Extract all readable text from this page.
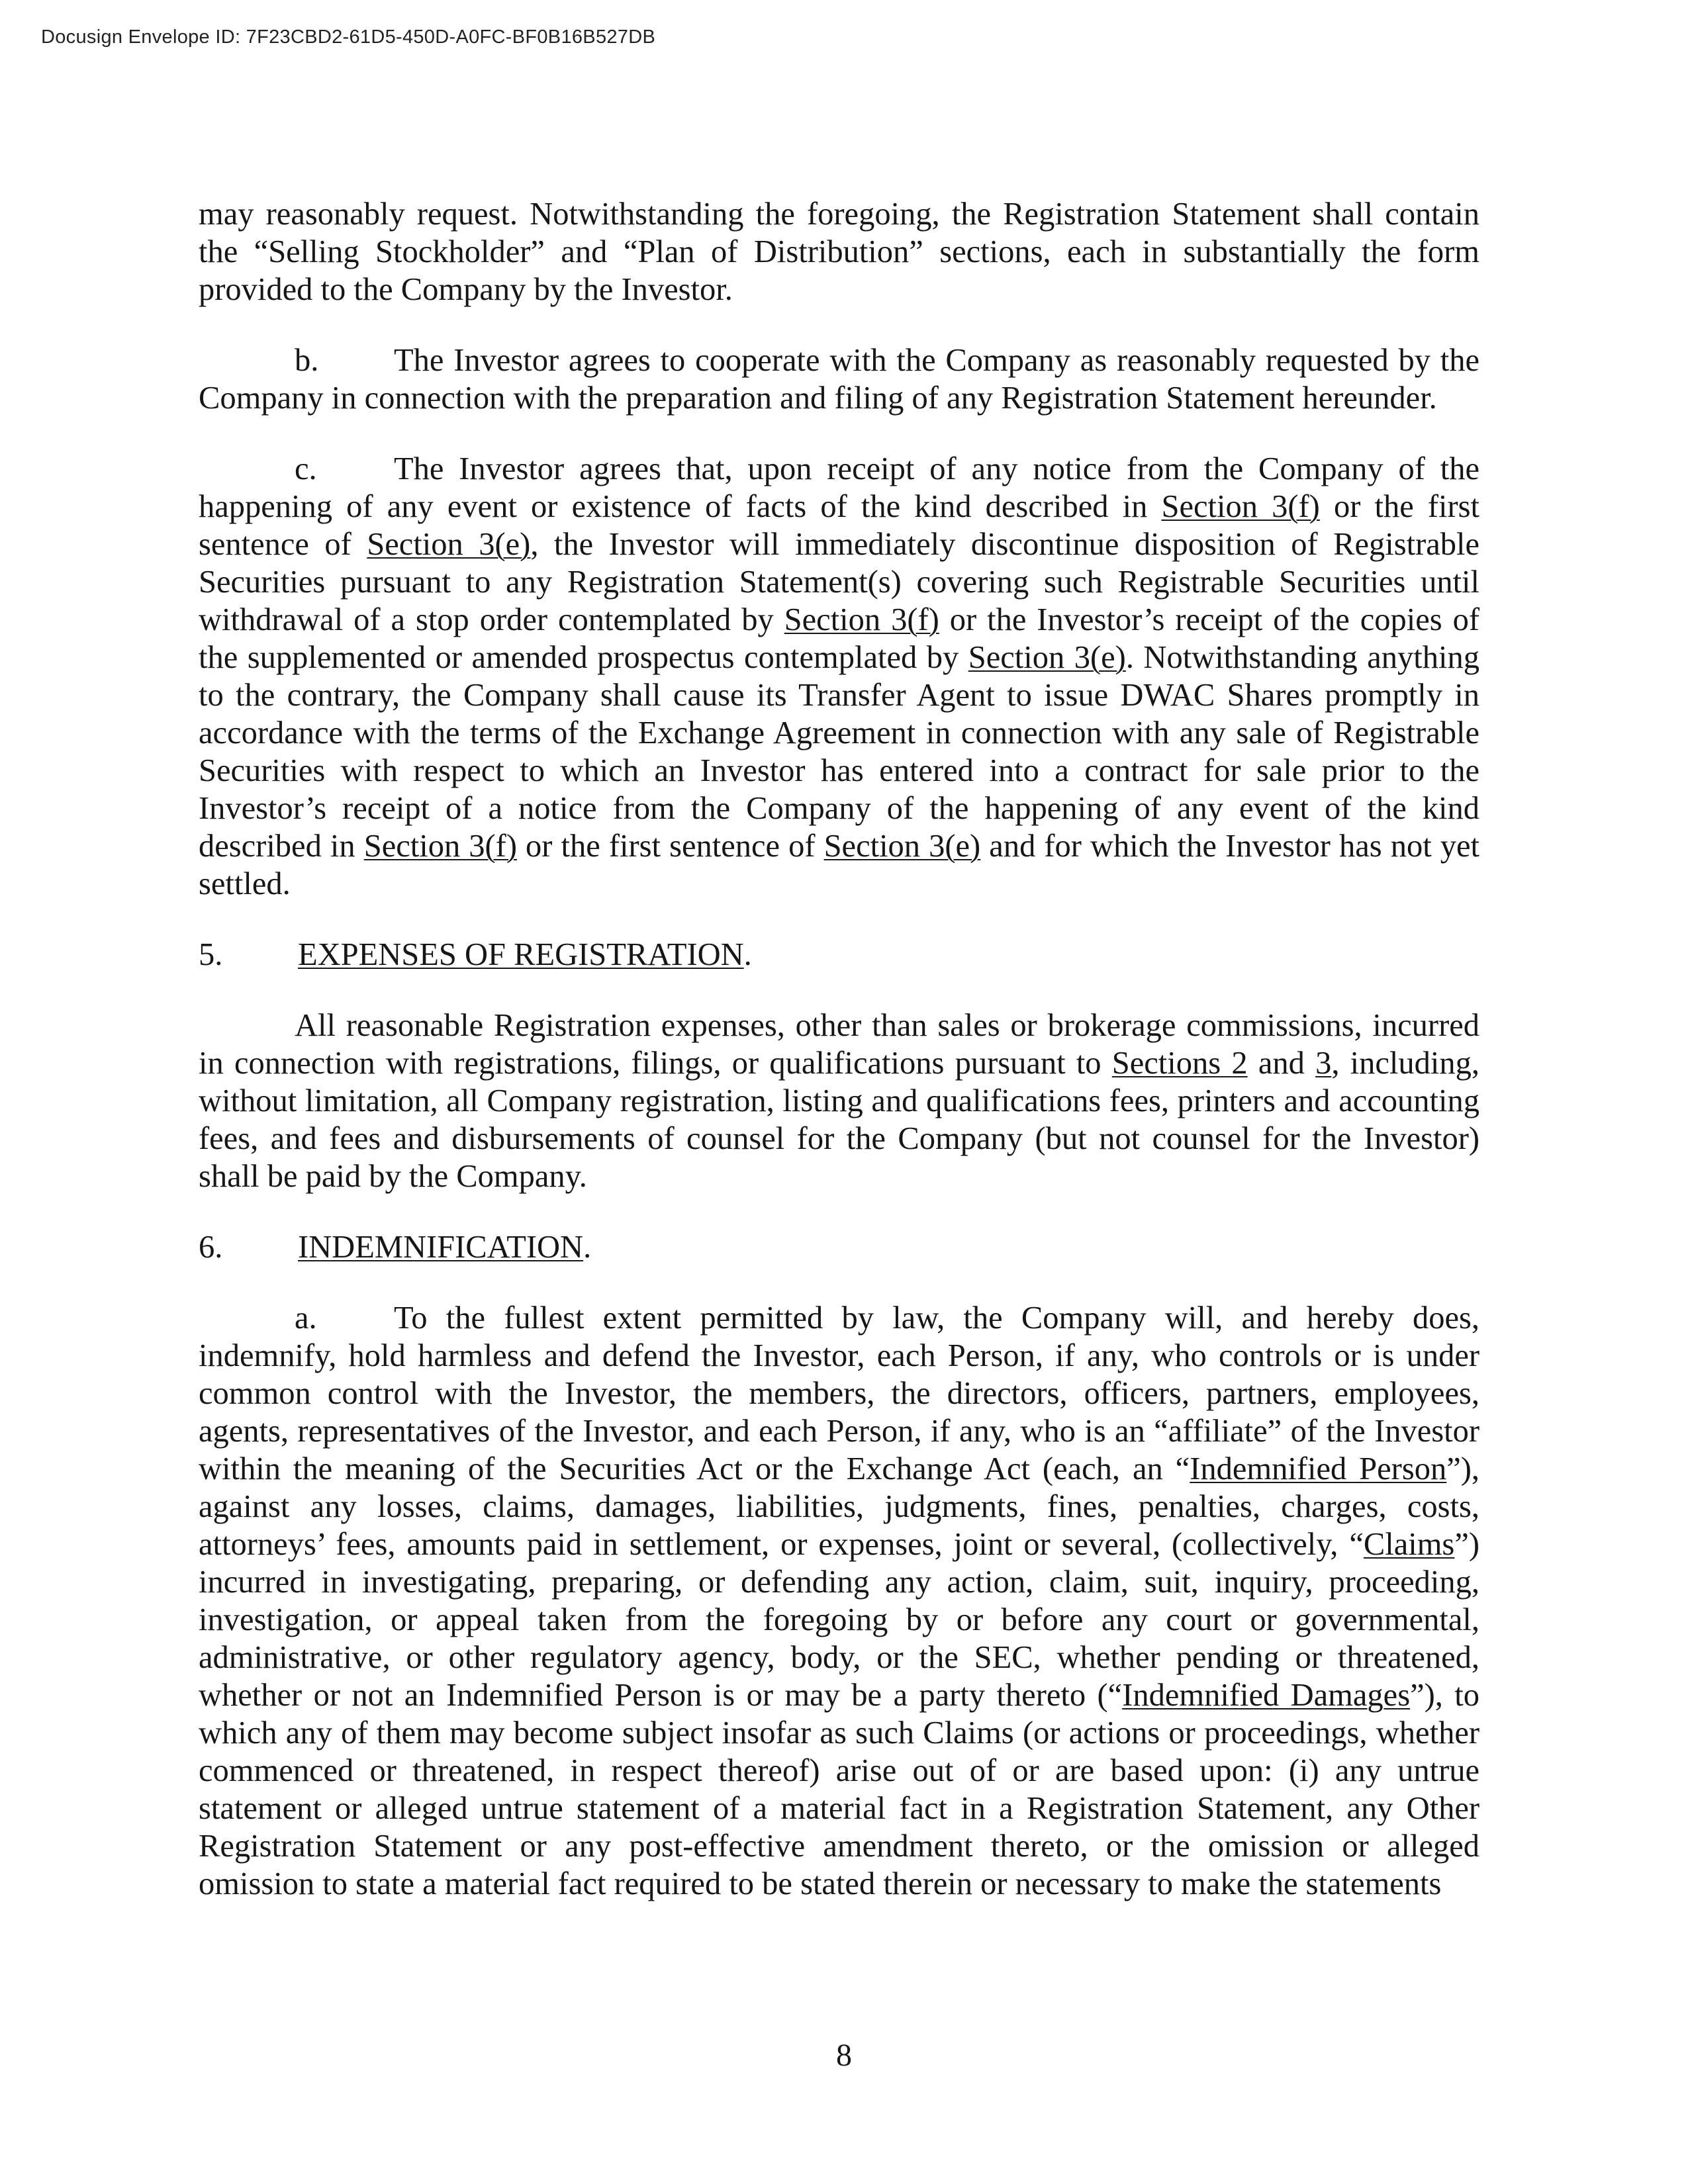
Docusign Envelope ID: 7F23CBD2-61D5-450D-A0FC-BF0B16B527DB

may reasonably request. Notwithstanding the foregoing, the Registration Statement shall contain the “Selling Stockholder” and “Plan of Distribution” sections, each in substantially the form provided to the Company by the Investor.

b. The Investor agrees to cooperate with the Company as reasonably requested by the Company in connection with the preparation and filing of any Registration Statement hereunder.

c. The Investor agrees that, upon receipt of any notice from the Company of the happening of any event or existence of facts of the kind described in Section 3(f) or the first sentence of Section 3(e), the Investor will immediately discontinue disposition of Registrable Securities pursuant to any Registration Statement(s) covering such Registrable Securities until withdrawal of a stop order contemplated by Section 3(f) or the Investor’s receipt of the copies of the supplemented or amended prospectus contemplated by Section 3(e). Notwithstanding anything to the contrary, the Company shall cause its Transfer Agent to issue DWAC Shares promptly in accordance with the terms of the Exchange Agreement in connection with any sale of Registrable Securities with respect to which an Investor has entered into a contract for sale prior to the Investor’s receipt of a notice from the Company of the happening of any event of the kind described in Section 3(f) or the first sentence of Section 3(e) and for which the Investor has not yet settled.

5. EXPENSES OF REGISTRATION.

All reasonable Registration expenses, other than sales or brokerage commissions, incurred in connection with registrations, filings, or qualifications pursuant to Sections 2 and 3, including, without limitation, all Company registration, listing and qualifications fees, printers and accounting fees, and fees and disbursements of counsel for the Company (but not counsel for the Investor) shall be paid by the Company.

6. INDEMNIFICATION.

a. To the fullest extent permitted by law, the Company will, and hereby does, indemnify, hold harmless and defend the Investor, each Person, if any, who controls or is under common control with the Investor, the members, the directors, officers, partners, employees, agents, representatives of the Investor, and each Person, if any, who is an “affiliate” of the Investor within the meaning of the Securities Act or the Exchange Act (each, an “Indemnified Person”), against any losses, claims, damages, liabilities, judgments, fines, penalties, charges, costs, attorneys’ fees, amounts paid in settlement, or expenses, joint or several, (collectively, “Claims”) incurred in investigating, preparing, or defending any action, claim, suit, inquiry, proceeding, investigation, or appeal taken from the foregoing by or before any court or governmental, administrative, or other regulatory agency, body, or the SEC, whether pending or threatened, whether or not an Indemnified Person is or may be a party thereto (“Indemnified Damages”), to which any of them may become subject insofar as such Claims (or actions or proceedings, whether commenced or threatened, in respect thereof) arise out of or are based upon: (i) any untrue statement or alleged untrue statement of a material fact in a Registration Statement, any Other Registration Statement or any post-effective amendment thereto, or the omission or alleged omission to state a material fact required to be stated therein or necessary to make the statements

8
